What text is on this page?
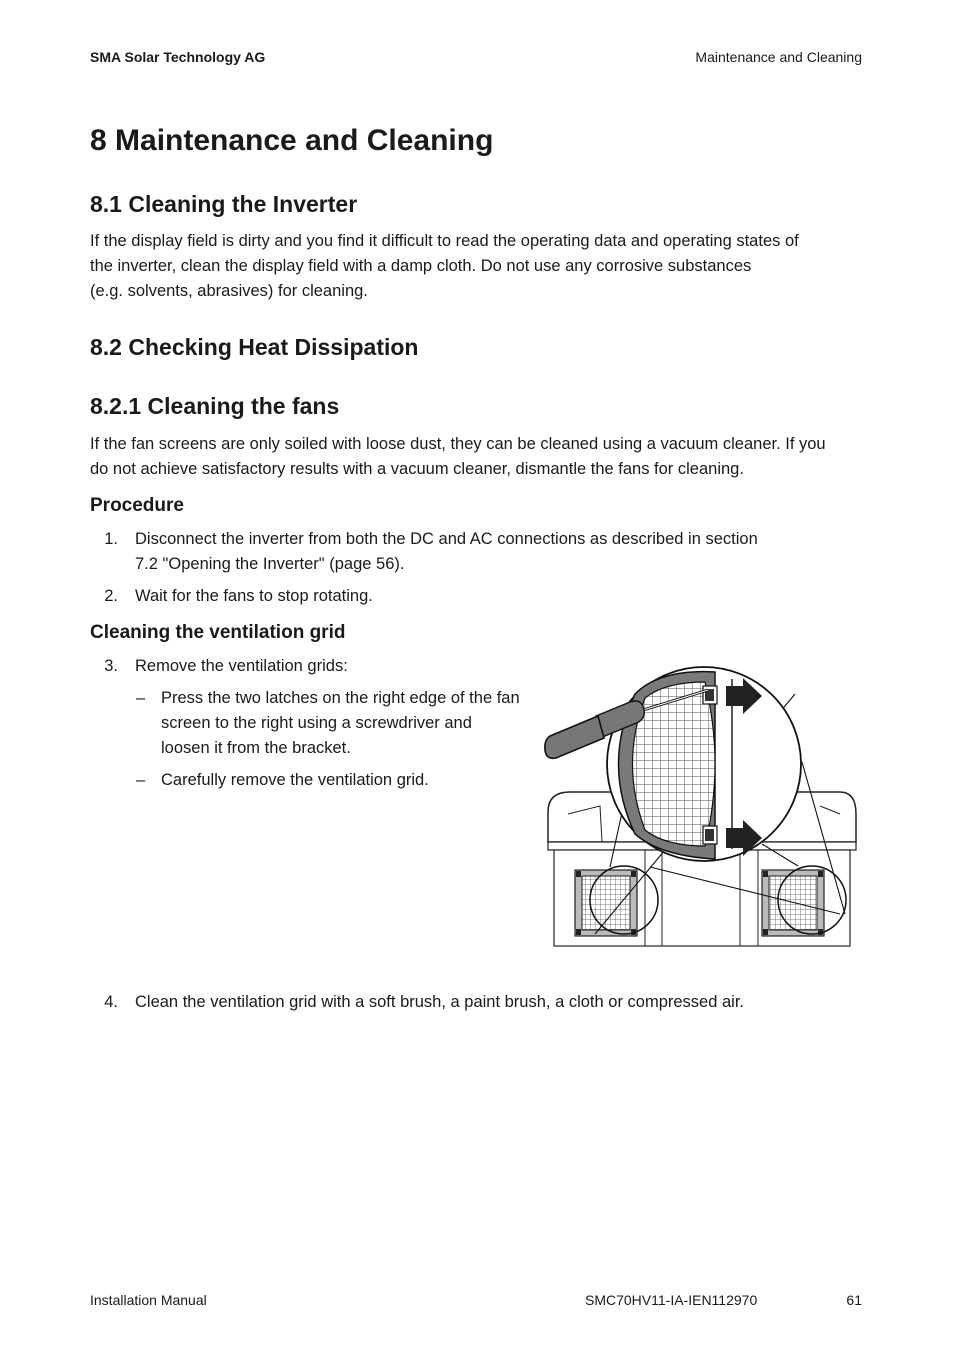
SMA Solar Technology AG	Maintenance and Cleaning
8 Maintenance and Cleaning
8.1 Cleaning the Inverter
If the display field is dirty and you find it difficult to read the operating data and operating states of
the inverter, clean the display field with a damp cloth. Do not use any corrosive substances
(e.g. solvents, abrasives) for cleaning.
8.2 Checking Heat Dissipation
8.2.1 Cleaning the fans
If the fan screens are only soiled with loose dust, they can be cleaned using a vacuum cleaner. If you
do not achieve satisfactory results with a vacuum cleaner, dismantle the fans for cleaning.
Procedure
1. Disconnect the inverter from both the DC and AC connections as described in section
7.2 "Opening the Inverter" (page 56).
2. Wait for the fans to stop rotating.
Cleaning the ventilation grid
3. Remove the ventilation grids:
– Press the two latches on the right edge of the fan
screen to the right using a screwdriver and
loosen it from the bracket.
– Carefully remove the ventilation grid.
4. Clean the ventilation grid with a soft brush, a paint brush, a cloth or compressed air.
Installation Manual	SMC70HV11-IA-IEN112970	61
